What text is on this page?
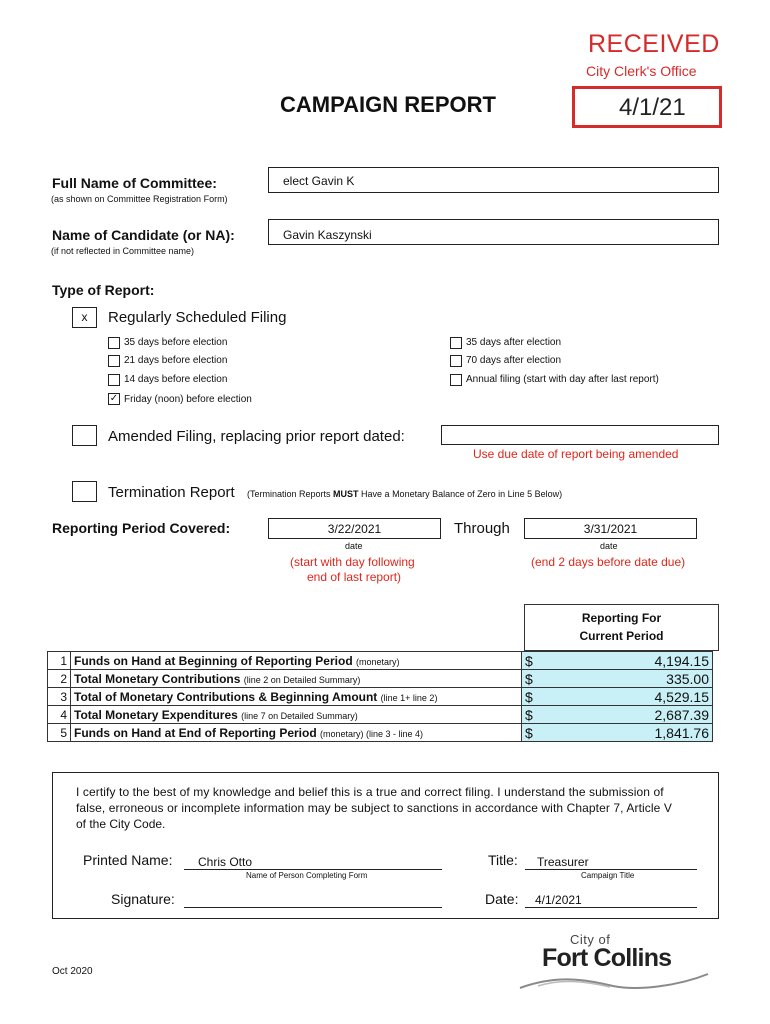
RECEIVED
City Clerk's Office
4/1/21
CAMPAIGN REPORT
Full Name of Committee:
(as shown on Committee Registration Form)
elect Gavin K
Name of Candidate (or NA):
(if not reflected in Committee name)
Gavin Kaszynski
Type of Report:
x	Regularly Scheduled Filing
35 days before election
21 days before election
14 days before election
✓ Friday (noon) before election
35 days after election
70 days after election
Annual filing (start with day after last report)
Amended Filing, replacing prior report dated:
Use due date of report being amended
Termination Report (Termination Reports MUST Have a Monetary Balance of Zero in Line 5 Below)
Reporting Period Covered:	3/22/2021
date
Through	3/31/2021
date
(start with day following
end of last report)
(end 2 days before date due)
Reporting For
Current Period
1	Funds on Hand at Beginning of Reporting Period (monetary)	$ 4,194.15

2	Total Monetary Contributions (line 2 on Detailed Summary)	$ 335.00

3	Total of Monetary Contributions & Beginning Amount (line 1+ line 2)	$ 4,529.15

4	Total Monetary Expenditures (line 7 on Detailed Summary)	$ 2,687.39

5	Funds on Hand at End of Reporting Period (monetary) (line 3 - line 4)	$ 1,841.76
I certify to the best of my knowledge and belief this is a true and correct filing. I understand the submission of
false, erroneous or incomplete information may be subject to sanctions in accordance with Chapter 7, Article V
of the City Code.
Printed Name: Chris Otto
Name of Person Completing Form
Title: Treasurer
Campaign Title
Signature:	Date: 4/1/2021
Oct 2020
City of
Fort Collins
